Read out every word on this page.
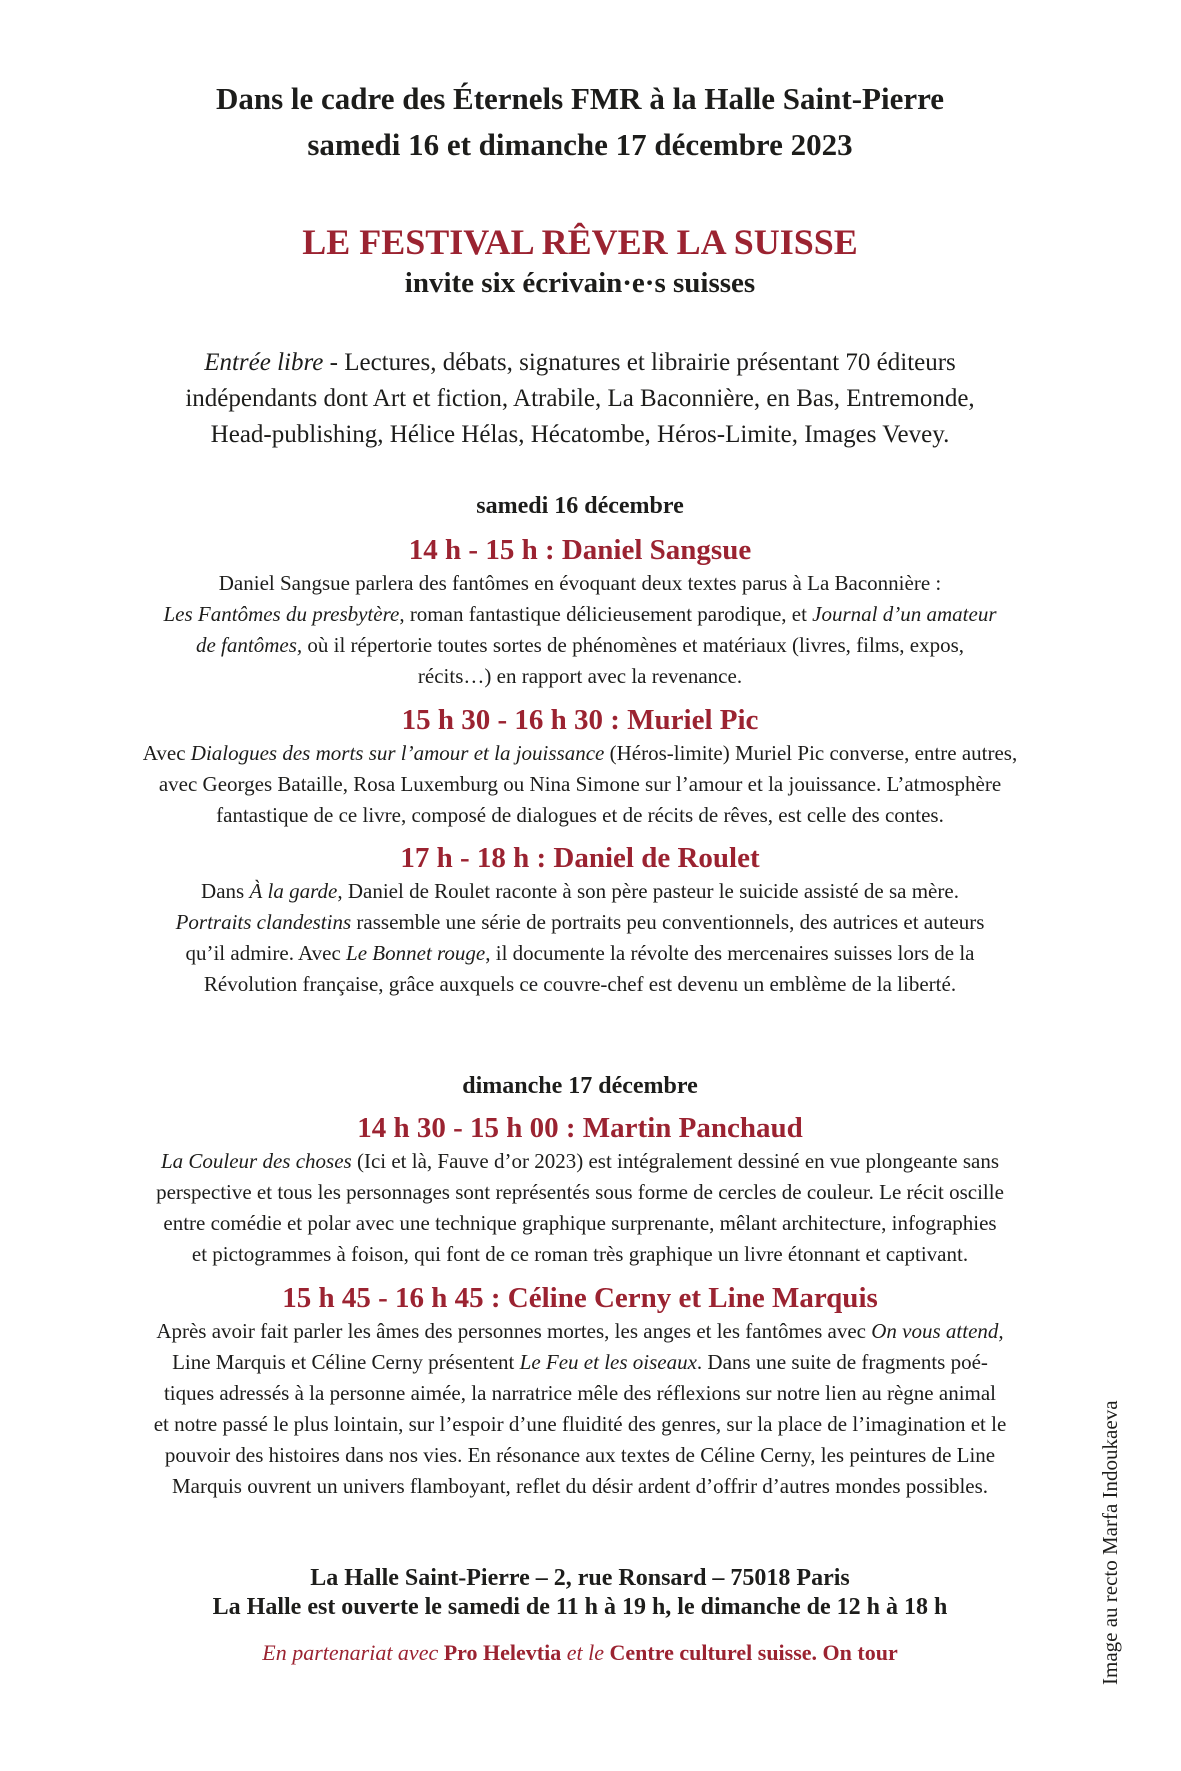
Dans le cadre des Éternels FMR à la Halle Saint-Pierre
samedi 16 et dimanche 17 décembre 2023
LE FESTIVAL RÊVER LA SUISSE
invite six écrivain·e·s suisses
Entrée libre - Lectures, débats, signatures et librairie présentant 70 éditeurs
indépendants dont Art et fiction, Atrabile, La Baconnière, en Bas, Entremonde,
Head-publishing, Hélice Hélas, Hécatombe, Héros-Limite, Images Vevey.
samedi 16 décembre
14 h - 15 h : Daniel Sangsue
Daniel Sangsue parlera des fantômes en évoquant deux textes parus à La Baconnière :
Les Fantômes du presbytère, roman fantastique délicieusement parodique, et Journal d’un amateur
de fantômes, où il répertorie toutes sortes de phénomènes et matériaux (livres, films, expos,
récits…) en rapport avec la revenance.
15 h 30 - 16 h 30 : Muriel Pic
Avec Dialogues des morts sur l’amour et la jouissance (Héros-limite) Muriel Pic converse, entre autres,
avec Georges Bataille, Rosa Luxemburg ou Nina Simone sur l’amour et la jouissance. L’atmosphère
fantastique de ce livre, composé de dialogues et de récits de rêves, est celle des contes.
17 h - 18 h : Daniel de Roulet
Dans À la garde, Daniel de Roulet raconte à son père pasteur le suicide assisté de sa mère.
Portraits clandestins rassemble une série de portraits peu conventionnels, des autrices et auteurs
qu’il admire. Avec Le Bonnet rouge, il documente la révolte des mercenaires suisses lors de la
Révolution française, grâce auxquels ce couvre-chef est devenu un emblème de la liberté.
dimanche 17 décembre
14 h 30 - 15 h 00 : Martin Panchaud
La Couleur des choses (Ici et là, Fauve d’or 2023) est intégralement dessiné en vue plongeante sans
perspective et tous les personnages sont représentés sous forme de cercles de couleur. Le récit oscille
entre comédie et polar avec une technique graphique surprenante, mêlant architecture, infographies
et pictogrammes à foison, qui font de ce roman très graphique un livre étonnant et captivant.
15 h 45 - 16 h 45 : Céline Cerny et Line Marquis
Après avoir fait parler les âmes des personnes mortes, les anges et les fantômes avec On vous attend,
Line Marquis et Céline Cerny présentent Le Feu et les oiseaux. Dans une suite de fragments poé-
tiques adressés à la personne aimée, la narratrice mêle des réflexions sur notre lien au règne animal
et notre passé le plus lointain, sur l’espoir d’une fluidité des genres, sur la place de l’imagination et le
pouvoir des histoires dans nos vies. En résonance aux textes de Céline Cerny, les peintures de Line
Marquis ouvrent un univers flamboyant, reflet du désir ardent d’offrir d’autres mondes possibles.
La Halle Saint-Pierre – 2, rue Ronsard – 75018 Paris
La Halle est ouverte le samedi de 11 h à 19 h, le dimanche de 12 h à 18 h
En partenariat avec Pro Helevtia et le Centre culturel suisse. On tour	Image au recto Marfa Indoukaeva
